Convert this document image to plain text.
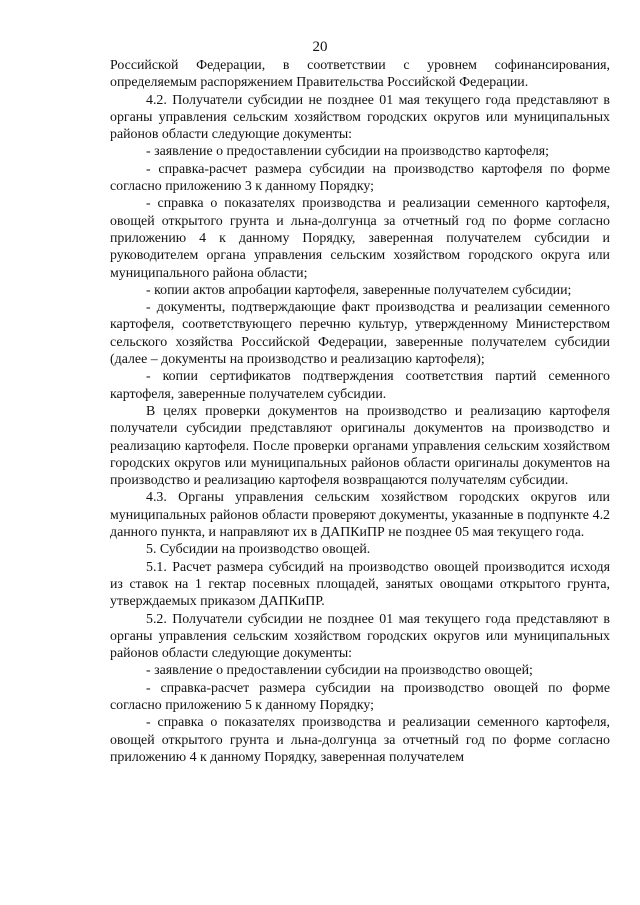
20

Российской Федерации, в соответствии с уровнем софинансирования, определяемым распоряжением Правительства Российской Федерации.

4.2. Получатели субсидии не позднее 01 мая текущего года представляют в органы управления сельским хозяйством городских округов или муниципальных районов области следующие документы:

- заявление о предоставлении субсидии на производство картофеля;

- справка-расчет размера субсидии на производство картофеля по форме согласно приложению 3 к данному Порядку;

- справка о показателях производства и реализации семенного картофеля, овощей открытого грунта и льна-долгунца за отчетный год по форме согласно приложению 4 к данному Порядку, заверенная получателем субсидии и руководителем органа управления сельским хозяйством городского округа или муниципального района области;

- копии актов апробации картофеля, заверенные получателем субсидии;

- документы, подтверждающие факт производства и реализации семенного картофеля, соответствующего перечню культур, утвержденному Министерством сельского хозяйства Российской Федерации, заверенные получателем субсидии (далее – документы на производство и реализацию картофеля);

- копии сертификатов подтверждения соответствия партий семенного картофеля, заверенные получателем субсидии.

В целях проверки документов на производство и реализацию картофеля получатели субсидии представляют оригиналы документов на производство и реализацию картофеля. После проверки органами управления сельским хозяйством городских округов или муниципальных районов области оригиналы документов на производство и реализацию картофеля возвращаются получателям субсидии.

4.3. Органы управления сельским хозяйством городских округов или муниципальных районов области проверяют документы, указанные в подпункте 4.2 данного пункта, и направляют их в ДАПКиПР не позднее 05 мая текущего года.

5. Субсидии на производство овощей.

5.1. Расчет размера субсидий на производство овощей производится исходя из ставок на 1 гектар посевных площадей, занятых овощами открытого грунта, утверждаемых приказом ДАПКиПР.

5.2. Получатели субсидии не позднее 01 мая текущего года представляют в органы управления сельским хозяйством городских округов или муниципальных районов области следующие документы:

- заявление о предоставлении субсидии на производство овощей;

- справка-расчет размера субсидии на производство овощей по форме согласно приложению 5 к данному Порядку;

- справка о показателях производства и реализации семенного картофеля, овощей открытого грунта и льна-долгунца за отчетный год по форме согласно приложению 4 к данному Порядку, заверенная получателем
